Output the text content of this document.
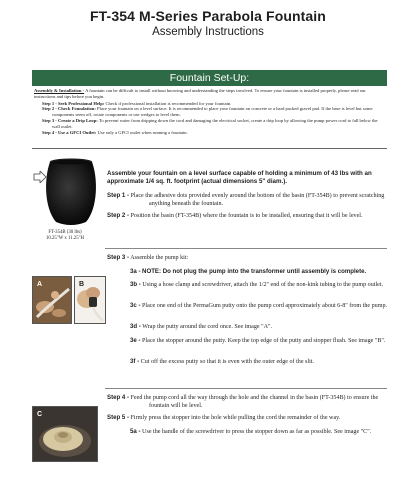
FT-354 M-Series Parabola Fountain
Assembly Instructions
Fountain Set-Up:

Assembly & Installation - A fountain can be difficult to install without knowing and understanding the steps involved. To ensure your fountain is installed properly, please read our instructions and tips before you begin.

Step 1 - Seek Professional Help: Check if professional installation is recommended for your fountain.

Step 2 - Check Foundation: Place your fountain on a level surface. It is recommended to place your fountain on concrete or a hard packed gravel pad. If the base is level but some components seem off, rotate components or use wedges to level them.

Step 3 - Create a Drip Loop: To prevent water from dripping down the cord and damaging the electrical socket, create a drip loop by allowing the pump power cord to fall below the wall outlet.

Step 4 - Use a GFCI Outlet: Use only a GFCI outlet when running a fountain.

FT-354B (30 lbs)
10.25"W x 11.25"H
Assemble your fountain on a level surface capable of holding a minimum of 43 lbs with an approximate 1/4 sq. ft. footprint (actual dimensions 5" diam.).
Step 1 - Place the adhesive dots provided evenly around the bottom of the basin (FT-354B) to prevent scratching anything beneath the fountain.
Step 2 - Position the basin (FT-354B) where the fountain is to be installed, ensuring that it will be level.
Step 3 - Assemble the pump kit:
3a - NOTE: Do not plug the pump into the transformer until assembly is complete.
3b - Using a hose clamp and screwdriver, attach the 1/2" end of the non-kink tubing to the pump outlet.
3c - Place one end of the PermaGum putty onto the pump cord approximately about 6-8" from the pump.
3d - Wrap the putty around the cord once. See image "A".
3e - Place the stopper around the putty. Keep the top edge of the putty and stopper flush. See image "B".
3f - Cut off the excess putty so that it is even with the outer edge of the slit.
A	B
Step 4 - Feed the pump cord all the way through the hole and the channel in the basin (FT-354B) to ensure the fountain will be level.
Step 5 - Firmly press the stopper into the hole while pulling the cord the remainder of the way.
5a - Use the handle of the screwdriver to press the stopper down as far as possible. See image "C".
C
